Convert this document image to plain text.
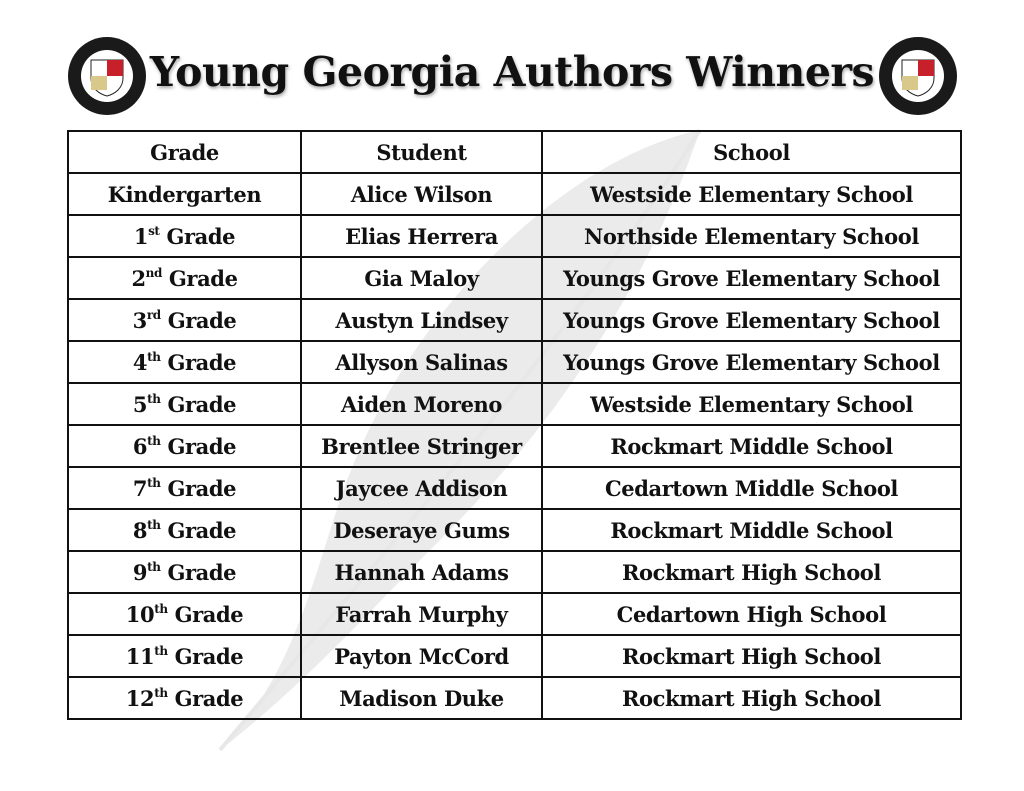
Young Georgia Authors Winners
Grade	Student	School
Kindergarten	Alice Wilson	Westside Elementary School
1st Grade	Elias Herrera	Northside Elementary School
2nd Grade	Gia Maloy	Youngs Grove Elementary School
3rd Grade	Austyn Lindsey	Youngs Grove Elementary School
4th Grade	Allyson Salinas	Youngs Grove Elementary School
5th Grade	Aiden Moreno	Westside Elementary School
6th Grade	Brentlee Stringer	Rockmart Middle School
7th Grade	Jaycee Addison	Cedartown Middle School
8th Grade	Deseraye Gums	Rockmart Middle School
9th Grade	Hannah Adams	Rockmart High School
10th Grade	Farrah Murphy	Cedartown High School
11th Grade	Payton McCord	Rockmart High School
12th Grade	Madison Duke	Rockmart High School
